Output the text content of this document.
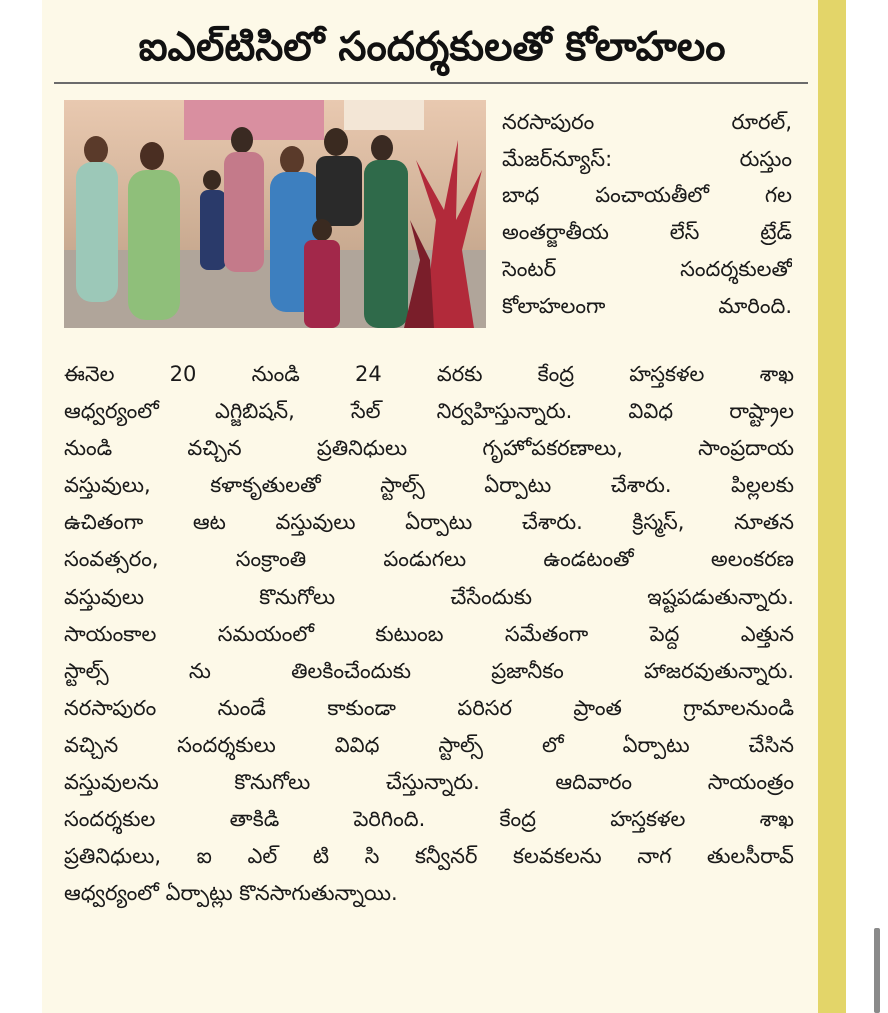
ఐఎల్‌టిసిలో సందర్శకులతో కోలాహలం
నరసాపురం రూరల్,
మేజర్‌న్యూస్: రుస్తుం
బాధ పంచాయతీలో గల
అంతర్జాతీయ లేస్ ట్రేడ్
సెంటర్ సందర్శకులతో
కోలాహలంగా మారింది.
ఈనెల 20 నుండి 24 వరకు కేంద్ర హస్తకళల శాఖ
ఆధ్వర్యంలో ఎగ్జిబిషన్, సేల్ నిర్వహిస్తున్నారు. వివిధ రాష్ట్రాల
నుండి వచ్చిన ప్రతినిధులు గృహోపకరణాలు, సాంప్రదాయ
వస్తువులు, కళాకృతులతో స్టాల్స్ ఏర్పాటు చేశారు. పిల్లలకు
ఉచితంగా ఆట వస్తువులు ఏర్పాటు చేశారు. క్రిస్మస్, నూతన
సంవత్సరం, సంక్రాంతి పండుగలు ఉండటంతో అలంకరణ
వస్తువులు కొనుగోలు చేసేందుకు ఇష్టపడుతున్నారు.
సాయంకాల సమయంలో కుటుంబ సమేతంగా పెద్ద ఎత్తున
స్టాల్స్ ను తిలకించేందుకు ప్రజానీకం హాజరవుతున్నారు.
నరసాపురం నుండే కాకుండా పరిసర ప్రాంత గ్రామాలనుండి
వచ్చిన సందర్శకులు వివిధ స్టాల్స్ లో ఏర్పాటు చేసిన
వస్తువులను కొనుగోలు చేస్తున్నారు. ఆదివారం సాయంత్రం
సందర్శకుల తాకిడి పెరిగింది. కేంద్ర హస్తకళల శాఖ
ప్రతినిధులు, ఐ ఎల్ టి సి కన్వీనర్ కలవకలను నాగ తులసీరావ్
ఆధ్వర్యంలో ఏర్పాట్లు కొనసాగుతున్నాయి.
